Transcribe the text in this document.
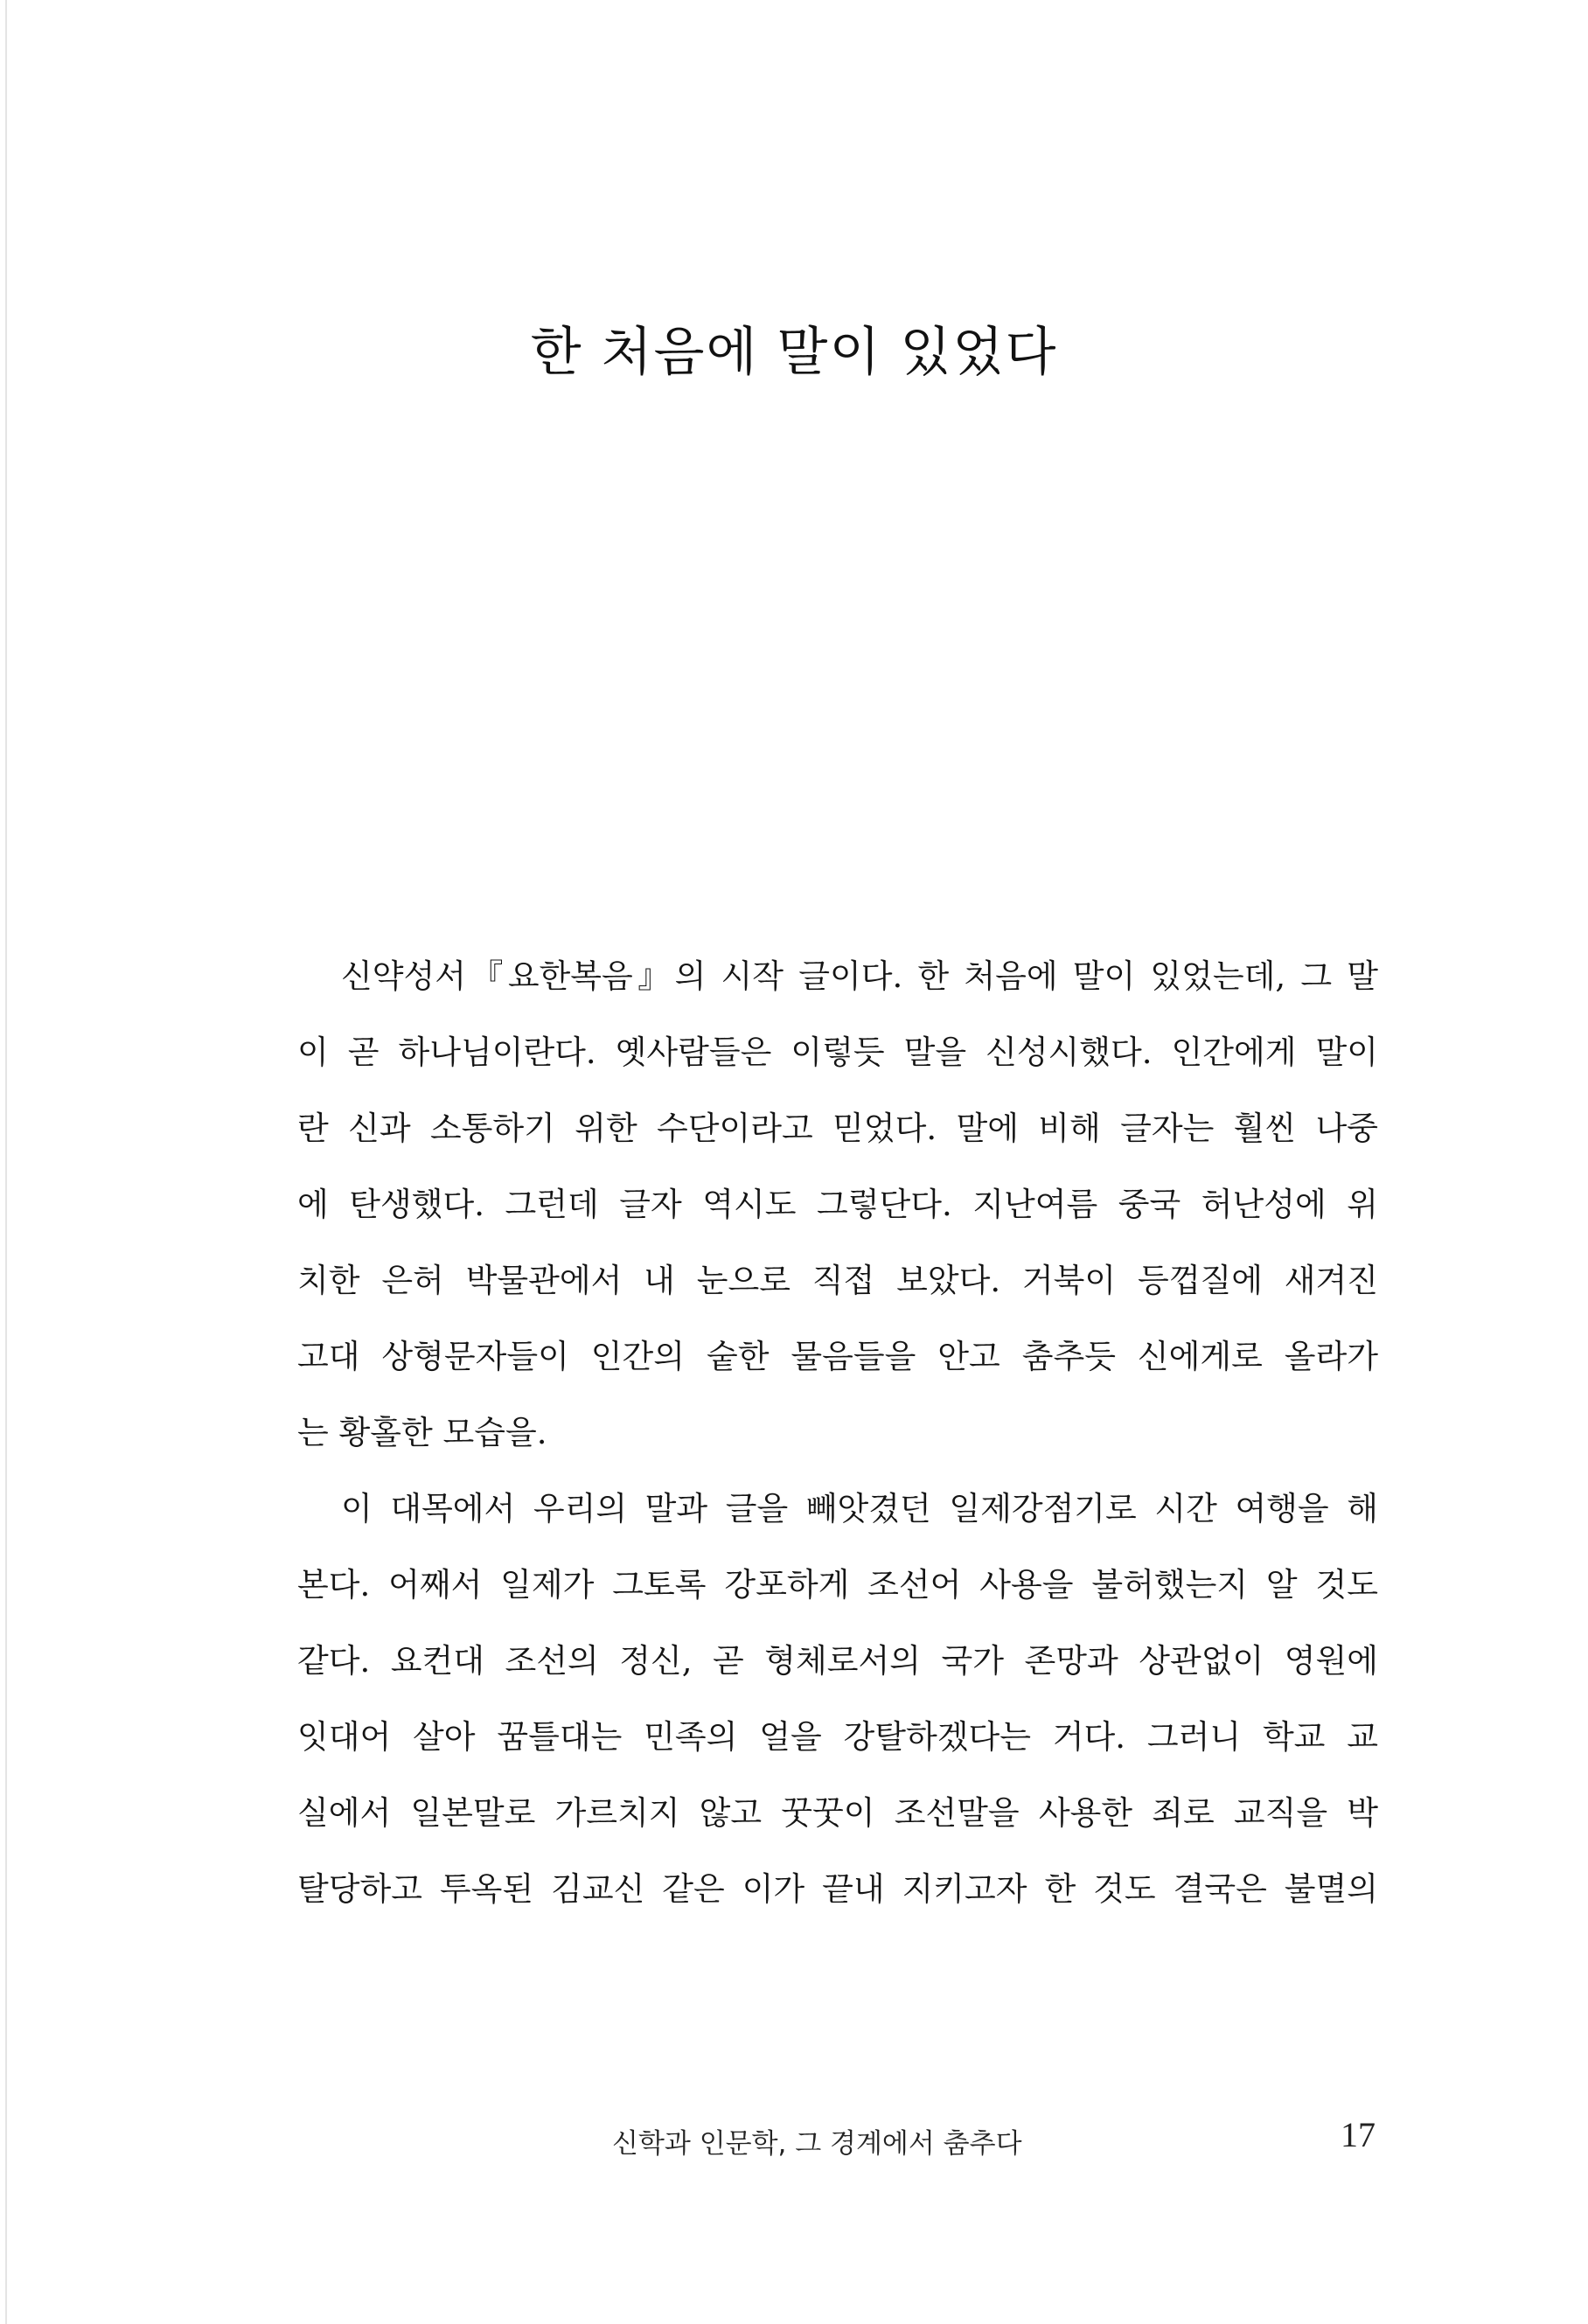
한 처음에 말이 있었다
신약성서『요한복음』의 시작 글이다. 한 처음에 말이 있었는데, 그 말
이 곧 하나님이란다. 옛사람들은 이렇듯 말을 신성시했다. 인간에게 말이
란 신과 소통하기 위한 수단이라고 믿었다. 말에 비해 글자는 훨씬 나중
에 탄생했다. 그런데 글자 역시도 그렇단다. 지난여름 중국 허난성에 위
치한 은허 박물관에서 내 눈으로 직접 보았다. 거북이 등껍질에 새겨진
고대 상형문자들이 인간의 숱한 물음들을 안고 춤추듯 신에게로 올라가
는 황홀한 모습을.
이 대목에서 우리의 말과 글을 빼앗겼던 일제강점기로 시간 여행을 해
본다. 어째서 일제가 그토록 강포하게 조선어 사용을 불허했는지 알 것도
같다. 요컨대 조선의 정신, 곧 형체로서의 국가 존망과 상관없이 영원에
잇대어 살아 꿈틀대는 민족의 얼을 강탈하겠다는 거다. 그러니 학교 교
실에서 일본말로 가르치지 않고 꿋꿋이 조선말을 사용한 죄로 교직을 박
탈당하고 투옥된 김교신 같은 이가 끝내 지키고자 한 것도 결국은 불멸의
신학과 인문학, 그 경계에서 춤추다	17
